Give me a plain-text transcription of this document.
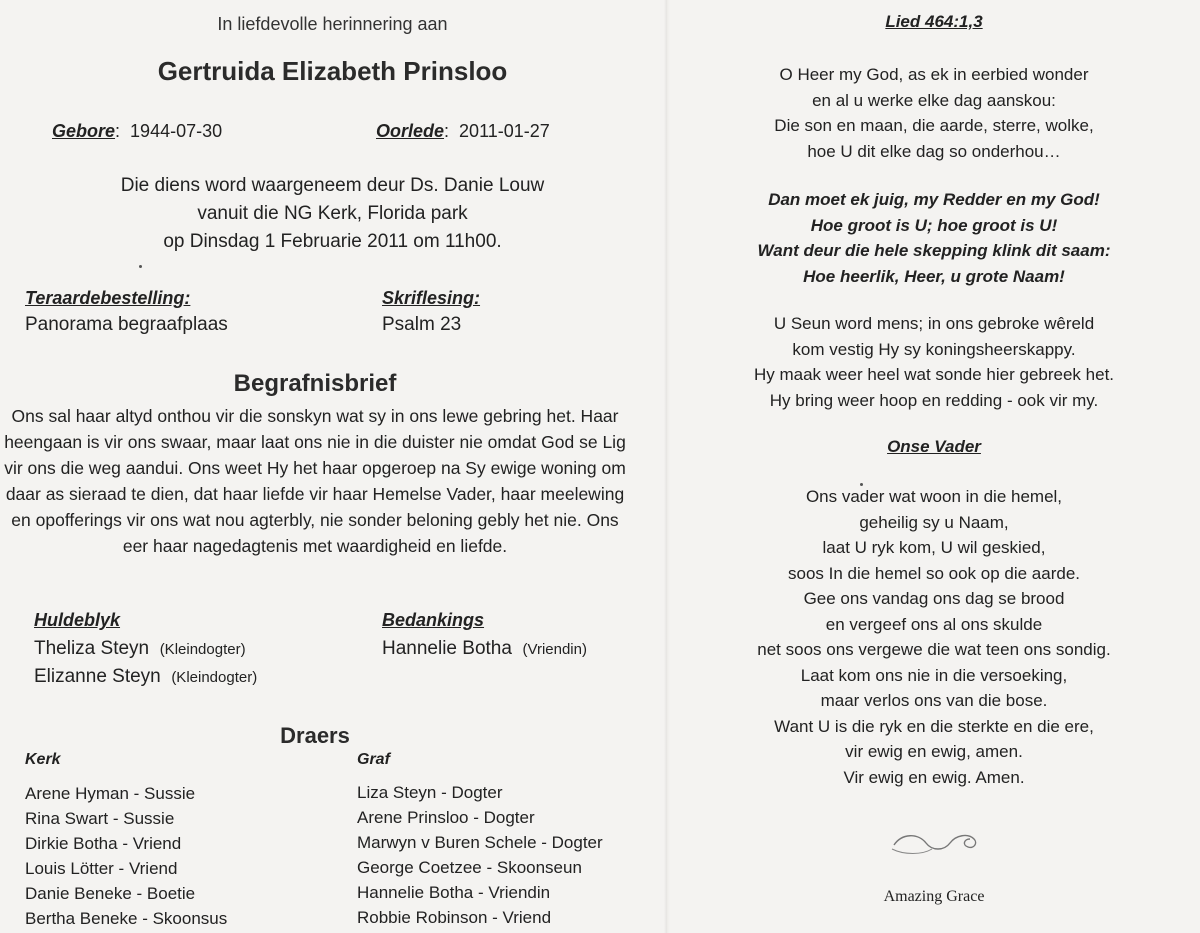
In liefdevolle herinnering aan
Gertruida Elizabeth Prinsloo
Gebore:  1944-07-30	Oorlede:  2011-01-27
Die diens word waargeneem deur Ds. Danie Louw
vanuit die NG Kerk, Florida park
op Dinsdag 1 Februarie 2011 om 11h00.
Teraardebestelling:
Panorama begraafplaas
Skriflesing:
Psalm 23
Begrafnisbrief

Ons sal haar altyd onthou vir die sonskyn wat sy in ons lewe gebring het. Haar heengaan is vir ons swaar, maar laat ons nie in die duister nie omdat God se Lig vir ons die weg aandui. Ons weet Hy het haar opgeroep na Sy ewige woning om daar as sieraad te dien, dat haar liefde vir haar Hemelse Vader, haar meelewing en opofferings vir ons wat nou agterbly, nie sonder beloning gebly het nie. Ons eer haar nagedagtenis met waardigheid en liefde.

Huldeblyk
Theliza Steyn (Kleindogter)
Elizanne Steyn (Kleindogter)
Bedankings
Hannelie Botha (Vriendin)
Draers
Kerk
Arene Hyman - Sussie
Rina Swart - Sussie
Dirkie Botha - Vriend
Louis Lötter - Vriend
Danie Beneke - Boetie
Bertha Beneke - Skoonsus
Graf
Liza Steyn - Dogter
Arene Prinsloo - Dogter
Marwyn v Buren Schele - Dogter
George Coetzee - Skoonseun
Hannelie Botha - Vriendin
Robbie Robinson - Vriend
Lied 464:1,3
O Heer my God, as ek in eerbied wonder
en al u werke elke dag aanskou:
Die son en maan, die aarde, sterre, wolke,
hoe U dit elke dag so onderhou…
Dan moet ek juig, my Redder en my God!
Hoe groot is U; hoe groot is U!
Want deur die hele skepping klink dit saam:
Hoe heerlik, Heer, u grote Naam!
U Seun word mens; in ons gebroke wêreld
kom vestig Hy sy koningsheerskappy.
Hy maak weer heel wat sonde hier gebreek het.
Hy bring weer hoop en redding - ook vir my.
Onse Vader
Ons vader wat woon in die hemel,
geheilig sy u Naam,
laat U ryk kom, U wil geskied,
soos In die hemel so ook op die aarde.
Gee ons vandag ons dag se brood
en vergeef ons al ons skulde
net soos ons vergewe die wat teen ons sondig.
Laat kom ons nie in die versoeking,
maar verlos ons van die bose.
Want U is die ryk en die sterkte en die ere,
vir ewig en ewig, amen.
Vir ewig en ewig. Amen.
Amazing Grace
